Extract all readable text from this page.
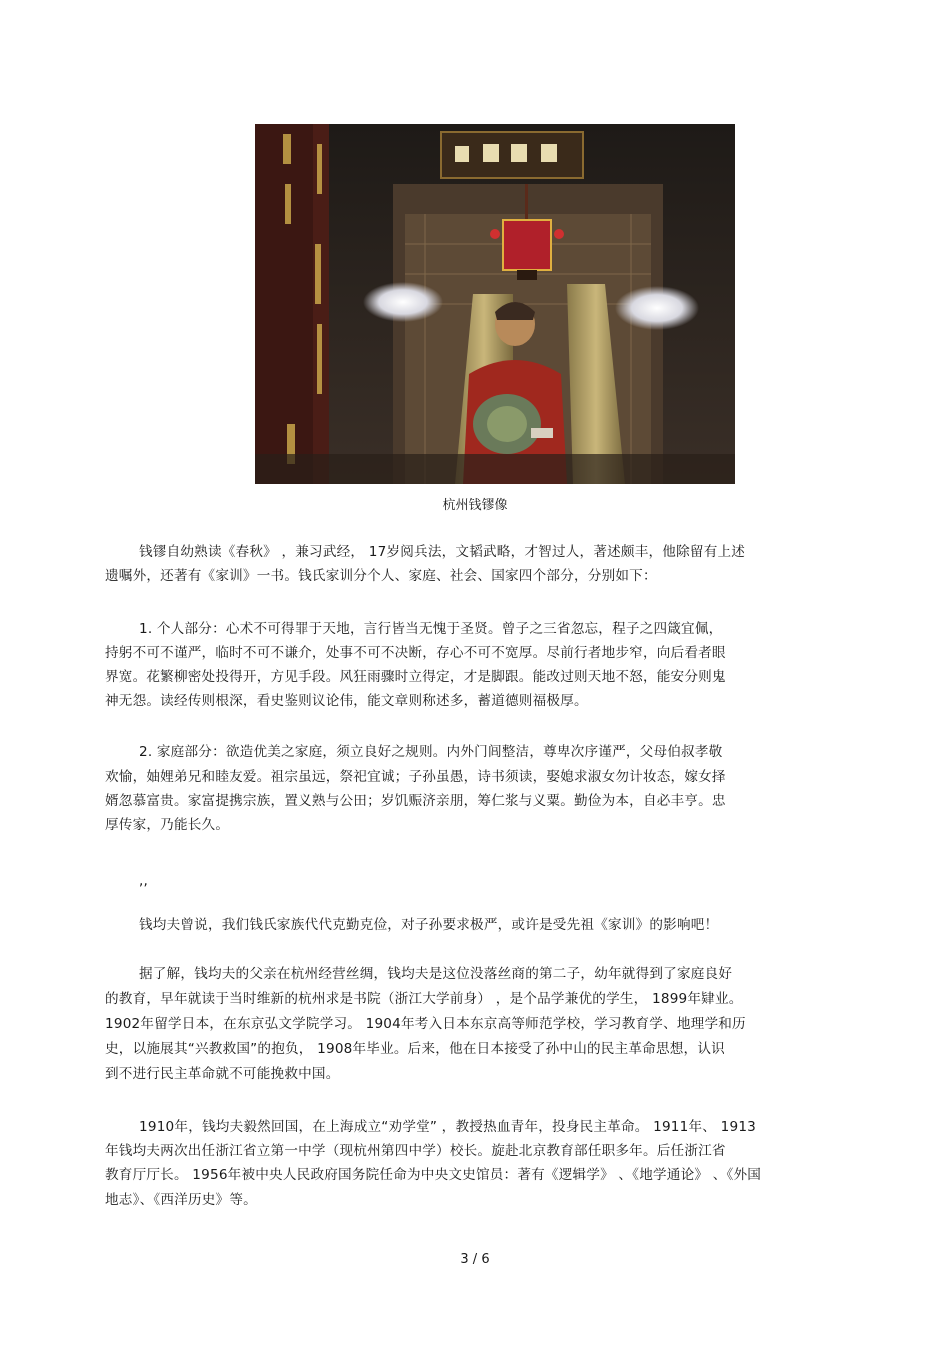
杭州钱镠像
钱镠自幼熟读《春秋》 ，兼习武经， 17岁阅兵法，文韬武略，才智过人，著述颇丰，他除留有上述
遗嘱外，还著有《家训》一书。钱氏家训分个人、家庭、社会、国家四个部分，分别如下：
1. 个人部分：心术不可得罪于天地，言行皆当无愧于圣贤。曾子之三省忽忘，程子之四箴宜佩，
持躬不可不谨严，临时不可不谦介，处事不可不决断，存心不可不宽厚。尽前行者地步窄，向后看者眼
界宽。花繁柳密处投得开，方见手段。风狂雨骤时立得定，才是脚跟。能改过则天地不怒，能安分则鬼
神无怨。读经传则根深，看史鉴则议论伟，能文章则称述多，蓄道德则福极厚。
2. 家庭部分：欲造优美之家庭，须立良好之规则。内外门闾整洁，尊卑次序谨严，父母伯叔孝敬
欢愉，妯娌弟兄和睦友爱。祖宗虽远，祭祀宜诚；子孙虽愚，诗书须读，娶媳求淑女勿计妆态，嫁女择
婿忽慕富贵。家富提携宗族，置义熟与公田；岁饥赈济亲朋，筹仁浆与义粟。勤俭为本，自必丰亨。忠
厚传家，乃能长久。
,,
钱均夫曾说，我们钱氏家族代代克勤克俭，对子孙要求极严，或许是受先祖《家训》的影响吧！
据了解，钱均夫的父亲在杭州经营丝绸，钱均夫是这位没落丝商的第二子，幼年就得到了家庭良好
的教育，早年就读于当时维新的杭州求是书院（浙江大学前身） ，是个品学兼优的学生， 1899年肄业。
1902年留学日本，在东京弘文学院学习。 1904年考入日本东京高等师范学校，学习教育学、地理学和历
史，以施展其“兴教救国”的抱负， 1908年毕业。后来，他在日本接受了孙中山的民主革命思想，认识
到不进行民主革命就不可能挽救中国。
1910年，钱均夫毅然回国，在上海成立“劝学堂” ，教授热血青年，投身民主革命。 1911年、 1913
年钱均夫两次出任浙江省立第一中学（现杭州第四中学）校长。旋赴北京教育部任职多年。后任浙江省
教育厅厅长。 1956年被中央人民政府国务院任命为中央文史馆员：著有《逻辑学》 、《地学通论》 、《外国
地志》、《西洋历史》等。
3 / 6
